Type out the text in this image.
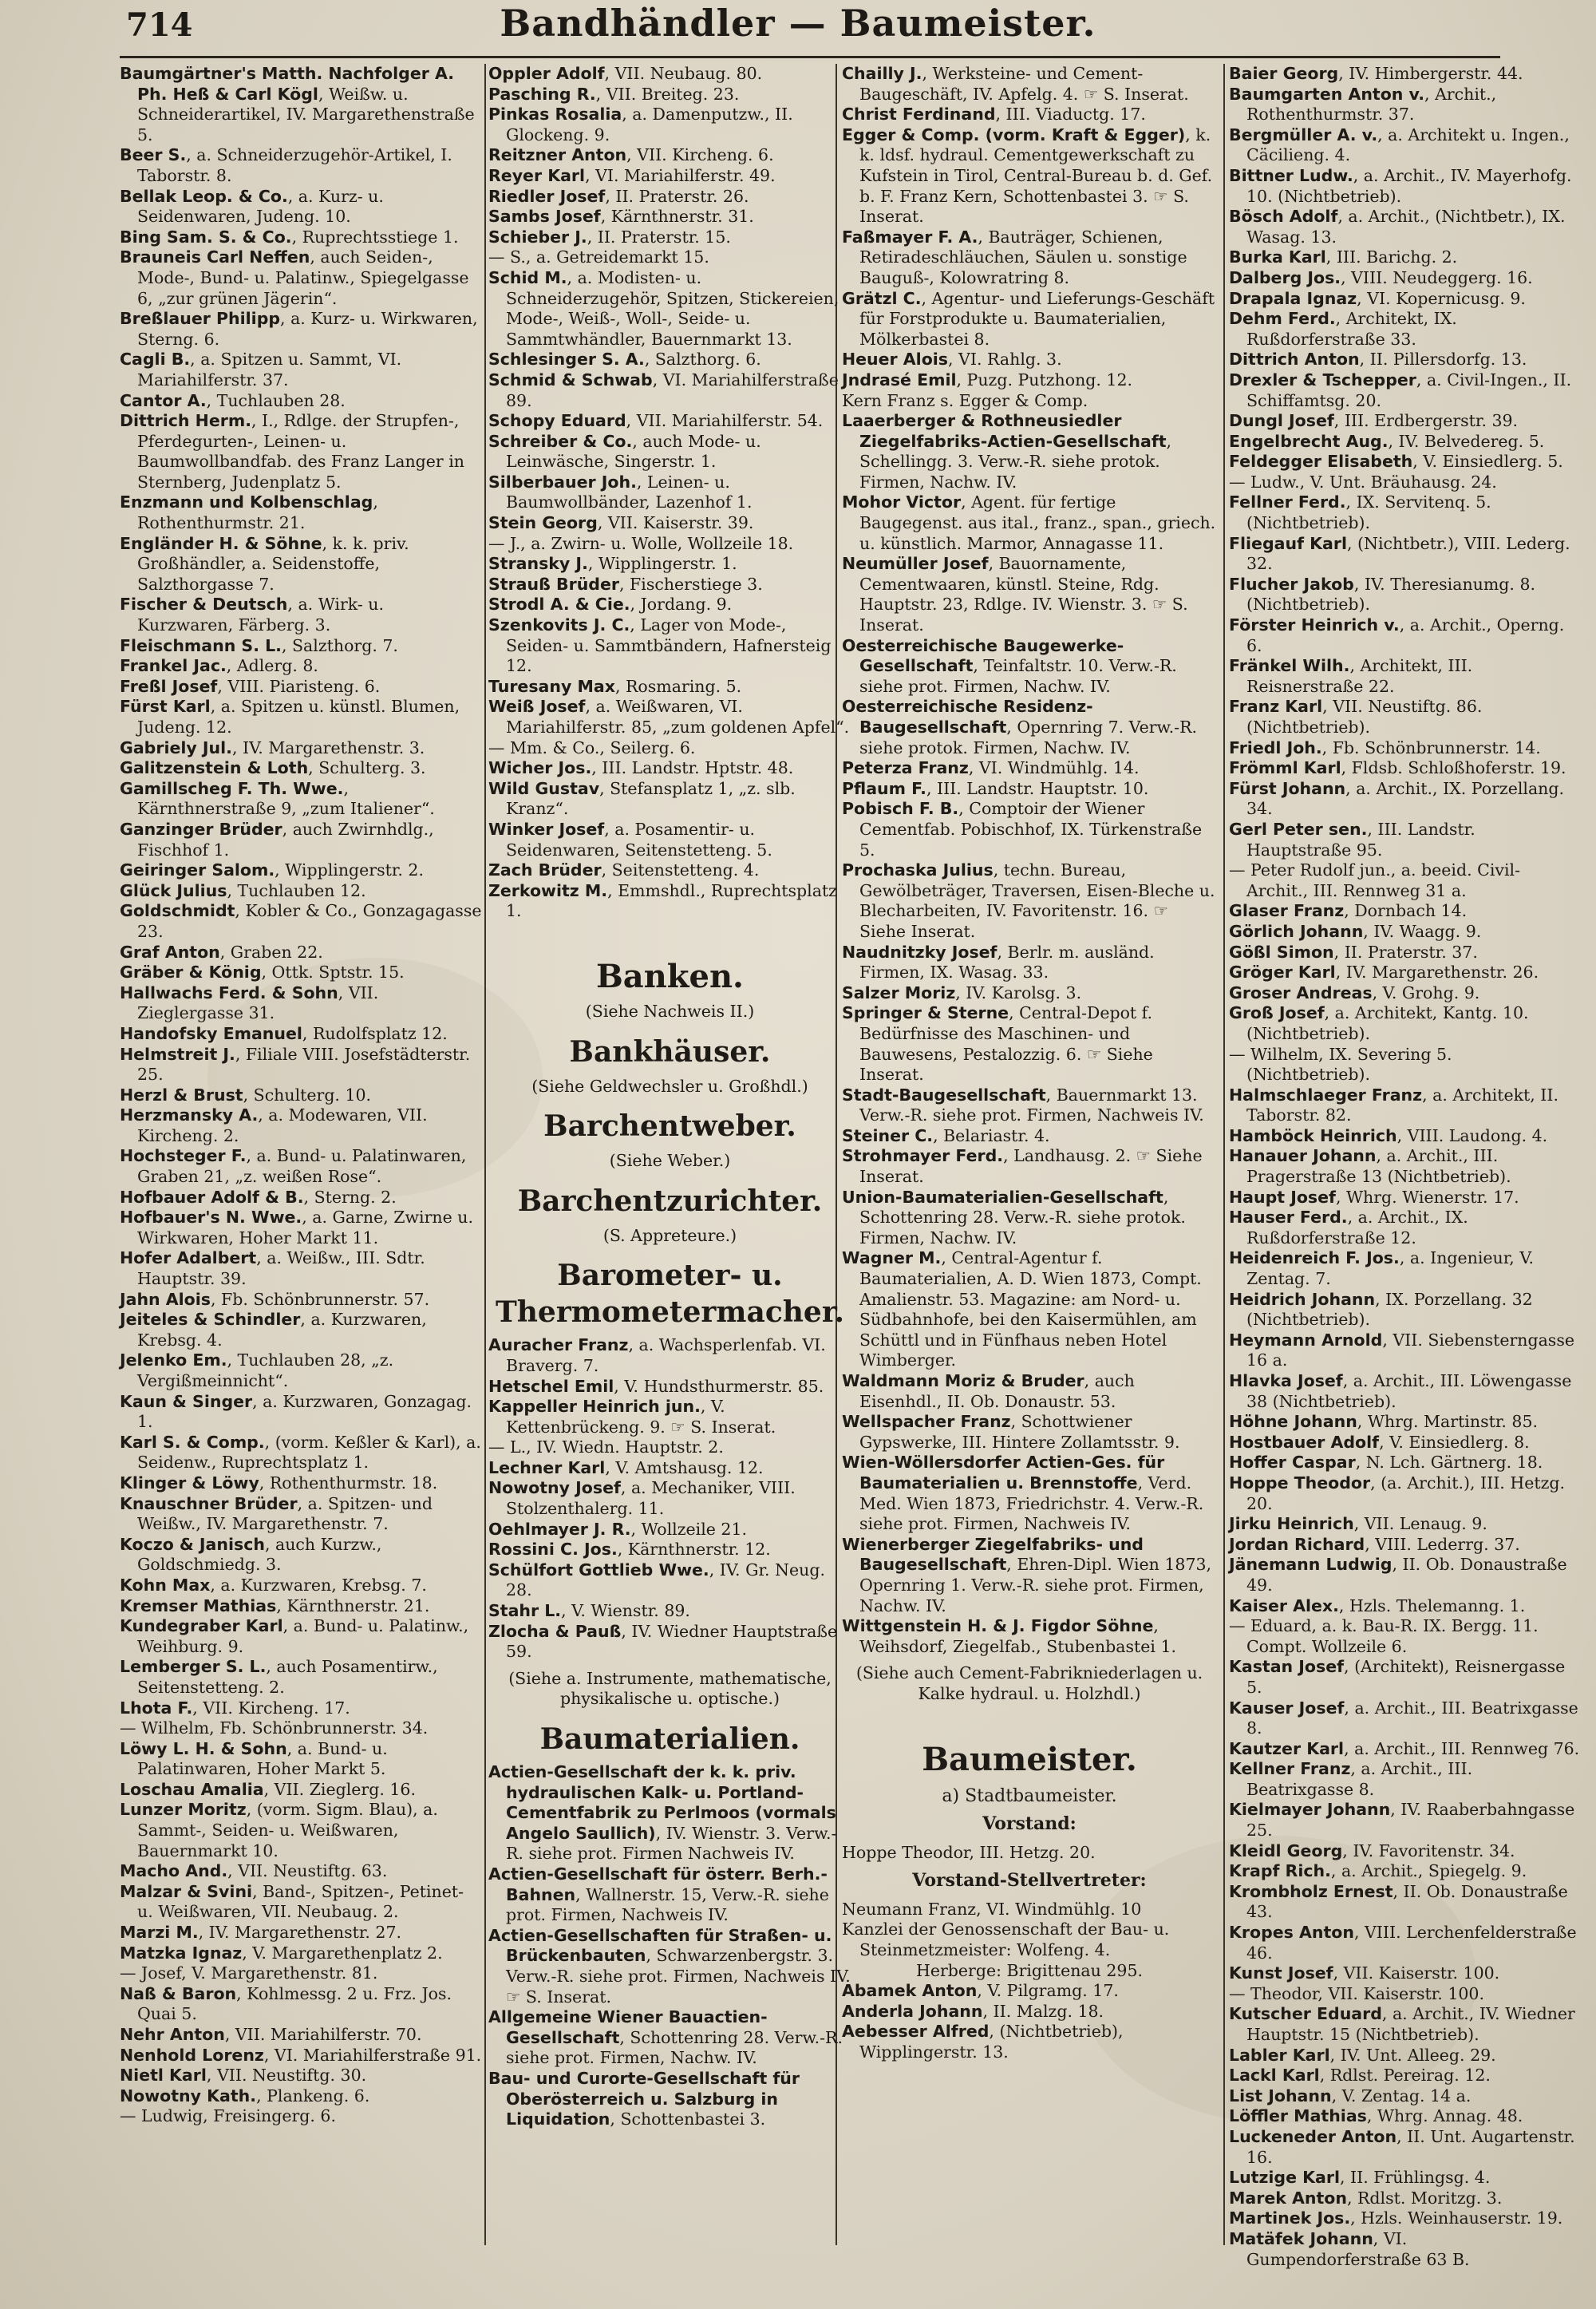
714	Bandhändler — Baumeister.

Baumgärtner's Matth. Nachfolger A. Ph. Heß & Carl Kögl, Weißw. u. Schneiderartikel, IV. Margarethenstraße 5.

Beer S., a. Schneiderzugehör-Artikel, I. Taborstr. 8.

Bellak Leop. & Co., a. Kurz- u. Seidenwaren, Judeng. 10.

Bing Sam. S. & Co., Ruprechtsstiege 1.

Brauneis Carl Neffen, auch Seiden-, Mode-, Bund- u. Palatinw., Spiegelgasse 6, „zur grünen Jägerin“.

Breßlauer Philipp, a. Kurz- u. Wirkwaren, Sterng. 6.

Cagli B., a. Spitzen u. Sammt, VI. Mariahilferstr. 37.

Cantor A., Tuchlauben 28.

Dittrich Herm., I., Rdlge. der Strupfen-, Pferdegurten-, Leinen- u. Baumwollbandfab. des Franz Langer in Sternberg, Judenplatz 5.

Enzmann und Kolbenschlag, Rothenthurmstr. 21.

Engländer H. & Söhne, k. k. priv. Großhändler, a. Seidenstoffe, Salzthorgasse 7.

Fischer & Deutsch, a. Wirk- u. Kurzwaren, Färberg. 3.

Fleischmann S. L., Salzthorg. 7.

Frankel Jac., Adlerg. 8.

Freßl Josef, VIII. Piaristeng. 6.

Fürst Karl, a. Spitzen u. künstl. Blumen, Judeng. 12.

Gabriely Jul., IV. Margarethenstr. 3.

Galitzenstein & Loth, Schulterg. 3.

Gamillscheg F. Th. Wwe., Kärnthnerstraße 9, „zum Italiener“.

Ganzinger Brüder, auch Zwirnhdlg., Fischhof 1.

Geiringer Salom., Wipplingerstr. 2.

Glück Julius, Tuchlauben 12.

Goldschmidt, Kobler & Co., Gonzagagasse 23.

Graf Anton, Graben 22.

Gräber & König, Ottk. Sptstr. 15.

Hallwachs Ferd. & Sohn, VII. Zieglergasse 31.

Handofsky Emanuel, Rudolfsplatz 12.

Helmstreit J., Filiale VIII. Josefstädterstr. 25.

Herzl & Brust, Schulterg. 10.

Herzmansky A., a. Modewaren, VII. Kircheng. 2.

Hochsteger F., a. Bund- u. Palatinwaren, Graben 21, „z. weißen Rose“.

Hofbauer Adolf & B., Sterng. 2.

Hofbauer's N. Wwe., a. Garne, Zwirne u. Wirkwaren, Hoher Markt 11.

Hofer Adalbert, a. Weißw., III. Sdtr. Hauptstr. 39.

Jahn Alois, Fb. Schönbrunnerstr. 57.

Jeiteles & Schindler, a. Kurzwaren, Krebsg. 4.

Jelenko Em., Tuchlauben 28, „z. Vergißmeinnicht“.

Kaun & Singer, a. Kurzwaren, Gonzagag. 1.

Karl S. & Comp., (vorm. Keßler & Karl), a. Seidenw., Ruprechtsplatz 1.

Klinger & Löwy, Rothenthurmstr. 18.

Knauschner Brüder, a. Spitzen- und Weißw., IV. Margarethenstr. 7.

Koczo & Janisch, auch Kurzw., Goldschmiedg. 3.

Kohn Max, a. Kurzwaren, Krebsg. 7.

Kremser Mathias, Kärnthnerstr. 21.

Kundegraber Karl, a. Bund- u. Palatinw., Weihburg. 9.

Lemberger S. L., auch Posamentirw., Seitenstetteng. 2.

Lhota F., VII. Kircheng. 17.

— Wilhelm, Fb. Schönbrunnerstr. 34.

Löwy L. H. & Sohn, a. Bund- u. Palatinwaren, Hoher Markt 5.

Loschau Amalia, VII. Zieglerg. 16.

Lunzer Moritz, (vorm. Sigm. Blau), a. Sammt-, Seiden- u. Weißwaren, Bauernmarkt 10.

Macho And., VII. Neustiftg. 63.

Malzar & Svini, Band-, Spitzen-, Petinet- u. Weißwaren, VII. Neubaug. 2.

Marzi M., IV. Margarethenstr. 27.

Matzka Ignaz, V. Margarethenplatz 2.

— Josef, V. Margarethenstr. 81.

Naß & Baron, Kohlmessg. 2 u. Frz. Jos. Quai 5.

Nehr Anton, VII. Mariahilferstr. 70.

Nenhold Lorenz, VI. Mariahilferstraße 91.

Nietl Karl, VII. Neustiftg. 30.

Nowotny Kath., Plankeng. 6.

— Ludwig, Freisingerg. 6.

Oppler Adolf, VII. Neubaug. 80.

Pasching R., VII. Breiteg. 23.

Pinkas Rosalia, a. Damenputzw., II. Glockeng. 9.

Reitzner Anton, VII. Kircheng. 6.

Reyer Karl, VI. Mariahilferstr. 49.

Riedler Josef, II. Praterstr. 26.

Sambs Josef, Kärnthnerstr. 31.

Schieber J., II. Praterstr. 15.

— S., a. Getreidemarkt 15.

Schid M., a. Modisten- u. Schneiderzugehör, Spitzen, Stickereien, Mode-, Weiß-, Woll-, Seide- u. Sammtwhändler, Bauernmarkt 13.

Schlesinger S. A., Salzthorg. 6.

Schmid & Schwab, VI. Mariahilferstraße 89.

Schopy Eduard, VII. Mariahilferstr. 54.

Schreiber & Co., auch Mode- u. Leinwäsche, Singerstr. 1.

Silberbauer Joh., Leinen- u. Baumwollbänder, Lazenhof 1.

Stein Georg, VII. Kaiserstr. 39.

— J., a. Zwirn- u. Wolle, Wollzeile 18.

Stransky J., Wipplingerstr. 1.

Strauß Brüder, Fischerstiege 3.

Strodl A. & Cie., Jordang. 9.

Szenkovits J. C., Lager von Mode-, Seiden- u. Sammtbändern, Hafnersteig 12.

Turesany Max, Rosmaring. 5.

Weiß Josef, a. Weißwaren, VI. Mariahilferstr. 85, „zum goldenen Apfel“.

— Mm. & Co., Seilerg. 6.

Wicher Jos., III. Landstr. Hptstr. 48.

Wild Gustav, Stefansplatz 1, „z. slb. Kranz“.

Winker Josef, a. Posamentir- u. Seidenwaren, Seitenstetteng. 5.

Zach Brüder, Seitenstetteng. 4.

Zerkowitz M., Emmshdl., Ruprechtsplatz 1.

Banken.
(Siehe Nachweis II.)
Bankhäuser.
(Siehe Geldwechsler u. Großhdl.)
Barchentweber.
(Siehe Weber.)
Barchentzurichter.
(S. Appreteure.)
Barometer- u. Thermometermacher.

Auracher Franz, a. Wachsperlenfab. VI. Braverg. 7.

Hetschel Emil, V. Hundsthurmerstr. 85.

Kappeller Heinrich jun., V. Kettenbrückeng. 9. ☞ S. Inserat.

— L., IV. Wiedn. Hauptstr. 2.

Lechner Karl, V. Amtshausg. 12.

Nowotny Josef, a. Mechaniker, VIII. Stolzenthalerg. 11.

Oehlmayer J. R., Wollzeile 21.

Rossini C. Jos., Kärnthnerstr. 12.

Schülfort Gottlieb Wwe., IV. Gr. Neug. 28.

Stahr L., V. Wienstr. 89.

Zlocha & Pauß, IV. Wiedner Hauptstraße 59.

(Siehe a. Instrumente, mathematische, physikalische u. optische.)
Baumaterialien.

Actien-Gesellschaft der k. k. priv. hydraulischen Kalk- u. Portland-Cementfabrik zu Perlmoos (vormals Angelo Saullich), IV. Wienstr. 3. Verw.-R. siehe prot. Firmen Nachweis IV.

Actien-Gesellschaft für österr. Berh.-Bahnen, Wallnerstr. 15, Verw.-R. siehe prot. Firmen, Nachweis IV.

Actien-Gesellschaften für Straßen- u. Brückenbauten, Schwarzenbergstr. 3. Verw.-R. siehe prot. Firmen, Nachweis IV. ☞ S. Inserat.

Allgemeine Wiener Bauactien-Gesellschaft, Schottenring 28. Verw.-R. siehe prot. Firmen, Nachw. IV.

Bau- und Curorte-Gesellschaft für Oberösterreich u. Salzburg in Liquidation, Schottenbastei 3.

Chailly J., Werksteine- und Cement-Baugeschäft, IV. Apfelg. 4. ☞ S. Inserat.

Christ Ferdinand, III. Viaductg. 17.

Egger & Comp. (vorm. Kraft & Egger), k. k. ldsf. hydraul. Cementgewerkschaft zu Kufstein in Tirol, Central-Bureau b. d. Gef. b. F. Franz Kern, Schottenbastei 3. ☞ S. Inserat.

Faßmayer F. A., Bauträger, Schienen, Retiradeschläuchen, Säulen u. sonstige Bauguß-, Kolowratring 8.

Grätzl C., Agentur- und Lieferungs-Geschäft für Forstprodukte u. Baumaterialien, Mölkerbastei 8.

Heuer Alois, VI. Rahlg. 3.

Jndrasé Emil, Puzg. Putzhong. 12.

Kern Franz s. Egger & Comp.

Laaerberger & Rothneusiedler Ziegelfabriks-Actien-Gesellschaft, Schellingg. 3. Verw.-R. siehe protok. Firmen, Nachw. IV.

Mohor Victor, Agent. für fertige Baugegenst. aus ital., franz., span., griech. u. künstlich. Marmor, Annagasse 11.

Neumüller Josef, Bauornamente, Cementwaaren, künstl. Steine, Rdg. Hauptstr. 23, Rdlge. IV. Wienstr. 3. ☞ S. Inserat.

Oesterreichische Baugewerke-Gesellschaft, Teinfaltstr. 10. Verw.-R. siehe prot. Firmen, Nachw. IV.

Oesterreichische Residenz-Baugesellschaft, Opernring 7. Verw.-R. siehe protok. Firmen, Nachw. IV.

Peterza Franz, VI. Windmühlg. 14.

Pflaum F., III. Landstr. Hauptstr. 10.

Pobisch F. B., Comptoir der Wiener Cementfab. Pobischhof, IX. Türkenstraße 5.

Prochaska Julius, techn. Bureau, Gewölbeträger, Traversen, Eisen-Bleche u. Blecharbeiten, IV. Favoritenstr. 16. ☞ Siehe Inserat.

Naudnitzky Josef, Berlr. m. ausländ. Firmen, IX. Wasag. 33.

Salzer Moriz, IV. Karolsg. 3.

Springer & Sterne, Central-Depot f. Bedürfnisse des Maschinen- und Bauwesens, Pestalozzig. 6. ☞ Siehe Inserat.

Stadt-Baugesellschaft, Bauernmarkt 13. Verw.-R. siehe prot. Firmen, Nachweis IV.

Steiner C., Belariastr. 4.

Strohmayer Ferd., Landhausg. 2. ☞ Siehe Inserat.

Union-Baumaterialien-Gesellschaft, Schottenring 28. Verw.-R. siehe protok. Firmen, Nachw. IV.

Wagner M., Central-Agentur f. Baumaterialien, A. D. Wien 1873, Compt. Amalienstr. 53. Magazine: am Nord- u. Südbahnhofe, bei den Kaisermühlen, am Schüttl und in Fünfhaus neben Hotel Wimberger.

Waldmann Moriz & Bruder, auch Eisenhdl., II. Ob. Donaustr. 53.

Wellspacher Franz, Schottwiener Gypswerke, III. Hintere Zollamtsstr. 9.

Wien-Wöllersdorfer Actien-Ges. für Baumaterialien u. Brennstoffe, Verd. Med. Wien 1873, Friedrichstr. 4. Verw.-R. siehe prot. Firmen, Nachweis IV.

Wienerberger Ziegelfabriks- und Baugesellschaft, Ehren-Dipl. Wien 1873, Opernring 1. Verw.-R. siehe prot. Firmen, Nachw. IV.

Wittgenstein H. & J. Figdor Söhne, Weihsdorf, Ziegelfab., Stubenbastei 1.

(Siehe auch Cement-Fabrikniederlagen u. Kalke hydraul. u. Holzhdl.)
Baumeister.
a) Stadtbaumeister.
Vorstand:

Hoppe Theodor, III. Hetzg. 20.

Vorstand-Stellvertreter:

Neumann Franz, VI. Windmühlg. 10

Kanzlei der Genossenschaft der Bau- u. Steinmetzmeister: Wolfeng. 4.

Herberge: Brigittenau 295.

Abamek Anton, V. Pilgramg. 17.

Anderla Johann, II. Malzg. 18.

Aebesser Alfred, (Nichtbetrieb), Wipplingerstr. 13.

Baier Georg, IV. Himbergerstr. 44.

Baumgarten Anton v., Archit., Rothenthurmstr. 37.

Bergmüller A. v., a. Architekt u. Ingen., Cäcilieng. 4.

Bittner Ludw., a. Archit., IV. Mayerhofg. 10. (Nichtbetrieb).

Bösch Adolf, a. Archit., (Nichtbetr.), IX. Wasag. 13.

Burka Karl, III. Barichg. 2.

Dalberg Jos., VIII. Neudeggerg. 16.

Drapala Ignaz, VI. Kopernicusg. 9.

Dehm Ferd., Architekt, IX. Rußdorferstraße 33.

Dittrich Anton, II. Pillersdorfg. 13.

Drexler & Tschepper, a. Civil-Ingen., II. Schiffamtsg. 20.

Dungl Josef, III. Erdbergerstr. 39.

Engelbrecht Aug., IV. Belvedereg. 5.

Feldegger Elisabeth, V. Einsiedlerg. 5.

— Ludw., V. Unt. Bräuhausg. 24.

Fellner Ferd., IX. Servitenq. 5. (Nichtbetrieb).

Fliegauf Karl, (Nichtbetr.), VIII. Lederg. 32.

Flucher Jakob, IV. Theresianumg. 8. (Nichtbetrieb).

Förster Heinrich v., a. Archit., Operng. 6.

Fränkel Wilh., Architekt, III. Reisnerstraße 22.

Franz Karl, VII. Neustiftg. 86. (Nichtbetrieb).

Friedl Joh., Fb. Schönbrunnerstr. 14.

Frömml Karl, Fldsb. Schloßhoferstr. 19.

Fürst Johann, a. Archit., IX. Porzellang. 34.

Gerl Peter sen., III. Landstr. Hauptstraße 95.

— Peter Rudolf jun., a. beeid. Civil-Archit., III. Rennweg 31 a.

Glaser Franz, Dornbach 14.

Görlich Johann, IV. Waagg. 9.

Gößl Simon, II. Praterstr. 37.

Gröger Karl, IV. Margarethenstr. 26.

Groser Andreas, V. Grohg. 9.

Groß Josef, a. Architekt, Kantg. 10. (Nichtbetrieb).

— Wilhelm, IX. Severing 5. (Nichtbetrieb).

Halmschlaeger Franz, a. Architekt, II. Taborstr. 82.

Hamböck Heinrich, VIII. Laudong. 4.

Hanauer Johann, a. Archit., III. Pragerstraße 13 (Nichtbetrieb).

Haupt Josef, Whrg. Wienerstr. 17.

Hauser Ferd., a. Archit., IX. Rußdorferstraße 12.

Heidenreich F. Jos., a. Ingenieur, V. Zentag. 7.

Heidrich Johann, IX. Porzellang. 32 (Nichtbetrieb).

Heymann Arnold, VII. Siebensterngasse 16 a.

Hlavka Josef, a. Archit., III. Löwengasse 38 (Nichtbetrieb).

Höhne Johann, Whrg. Martinstr. 85.

Hostbauer Adolf, V. Einsiedlerg. 8.

Hoffer Caspar, N. Lch. Gärtnerg. 18.

Hoppe Theodor, (a. Archit.), III. Hetzg. 20.

Jirku Heinrich, VII. Lenaug. 9.

Jordan Richard, VIII. Lederrg. 37.

Jänemann Ludwig, II. Ob. Donaustraße 49.

Kaiser Alex., Hzls. Thelemanng. 1.

— Eduard, a. k. Bau-R. IX. Bergg. 11. Compt. Wollzeile 6.

Kastan Josef, (Architekt), Reisnergasse 5.

Kauser Josef, a. Archit., III. Beatrixgasse 8.

Kautzer Karl, a. Archit., III. Rennweg 76.

Kellner Franz, a. Archit., III. Beatrixgasse 8.

Kielmayer Johann, IV. Raaberbahngasse 25.

Kleidl Georg, IV. Favoritenstr. 34.

Krapf Rich., a. Archit., Spiegelg. 9.

Krombholz Ernest, II. Ob. Donaustraße 43.

Kropes Anton, VIII. Lerchenfelderstraße 46.

Kunst Josef, VII. Kaiserstr. 100.

— Theodor, VII. Kaiserstr. 100.

Kutscher Eduard, a. Archit., IV. Wiedner Hauptstr. 15 (Nichtbetrieb).

Labler Karl, IV. Unt. Alleeg. 29.

Lackl Karl, Rdlst. Pereirag. 12.

List Johann, V. Zentag. 14 a.

Löffler Mathias, Whrg. Annag. 48.

Luckeneder Anton, II. Unt. Augartenstr. 16.

Lutzige Karl, II. Frühlingsg. 4.

Marek Anton, Rdlst. Moritzg. 3.

Martinek Jos., Hzls. Weinhauserstr. 19.

Matäfek Johann, VI. Gumpendorferstraße 63 B.
